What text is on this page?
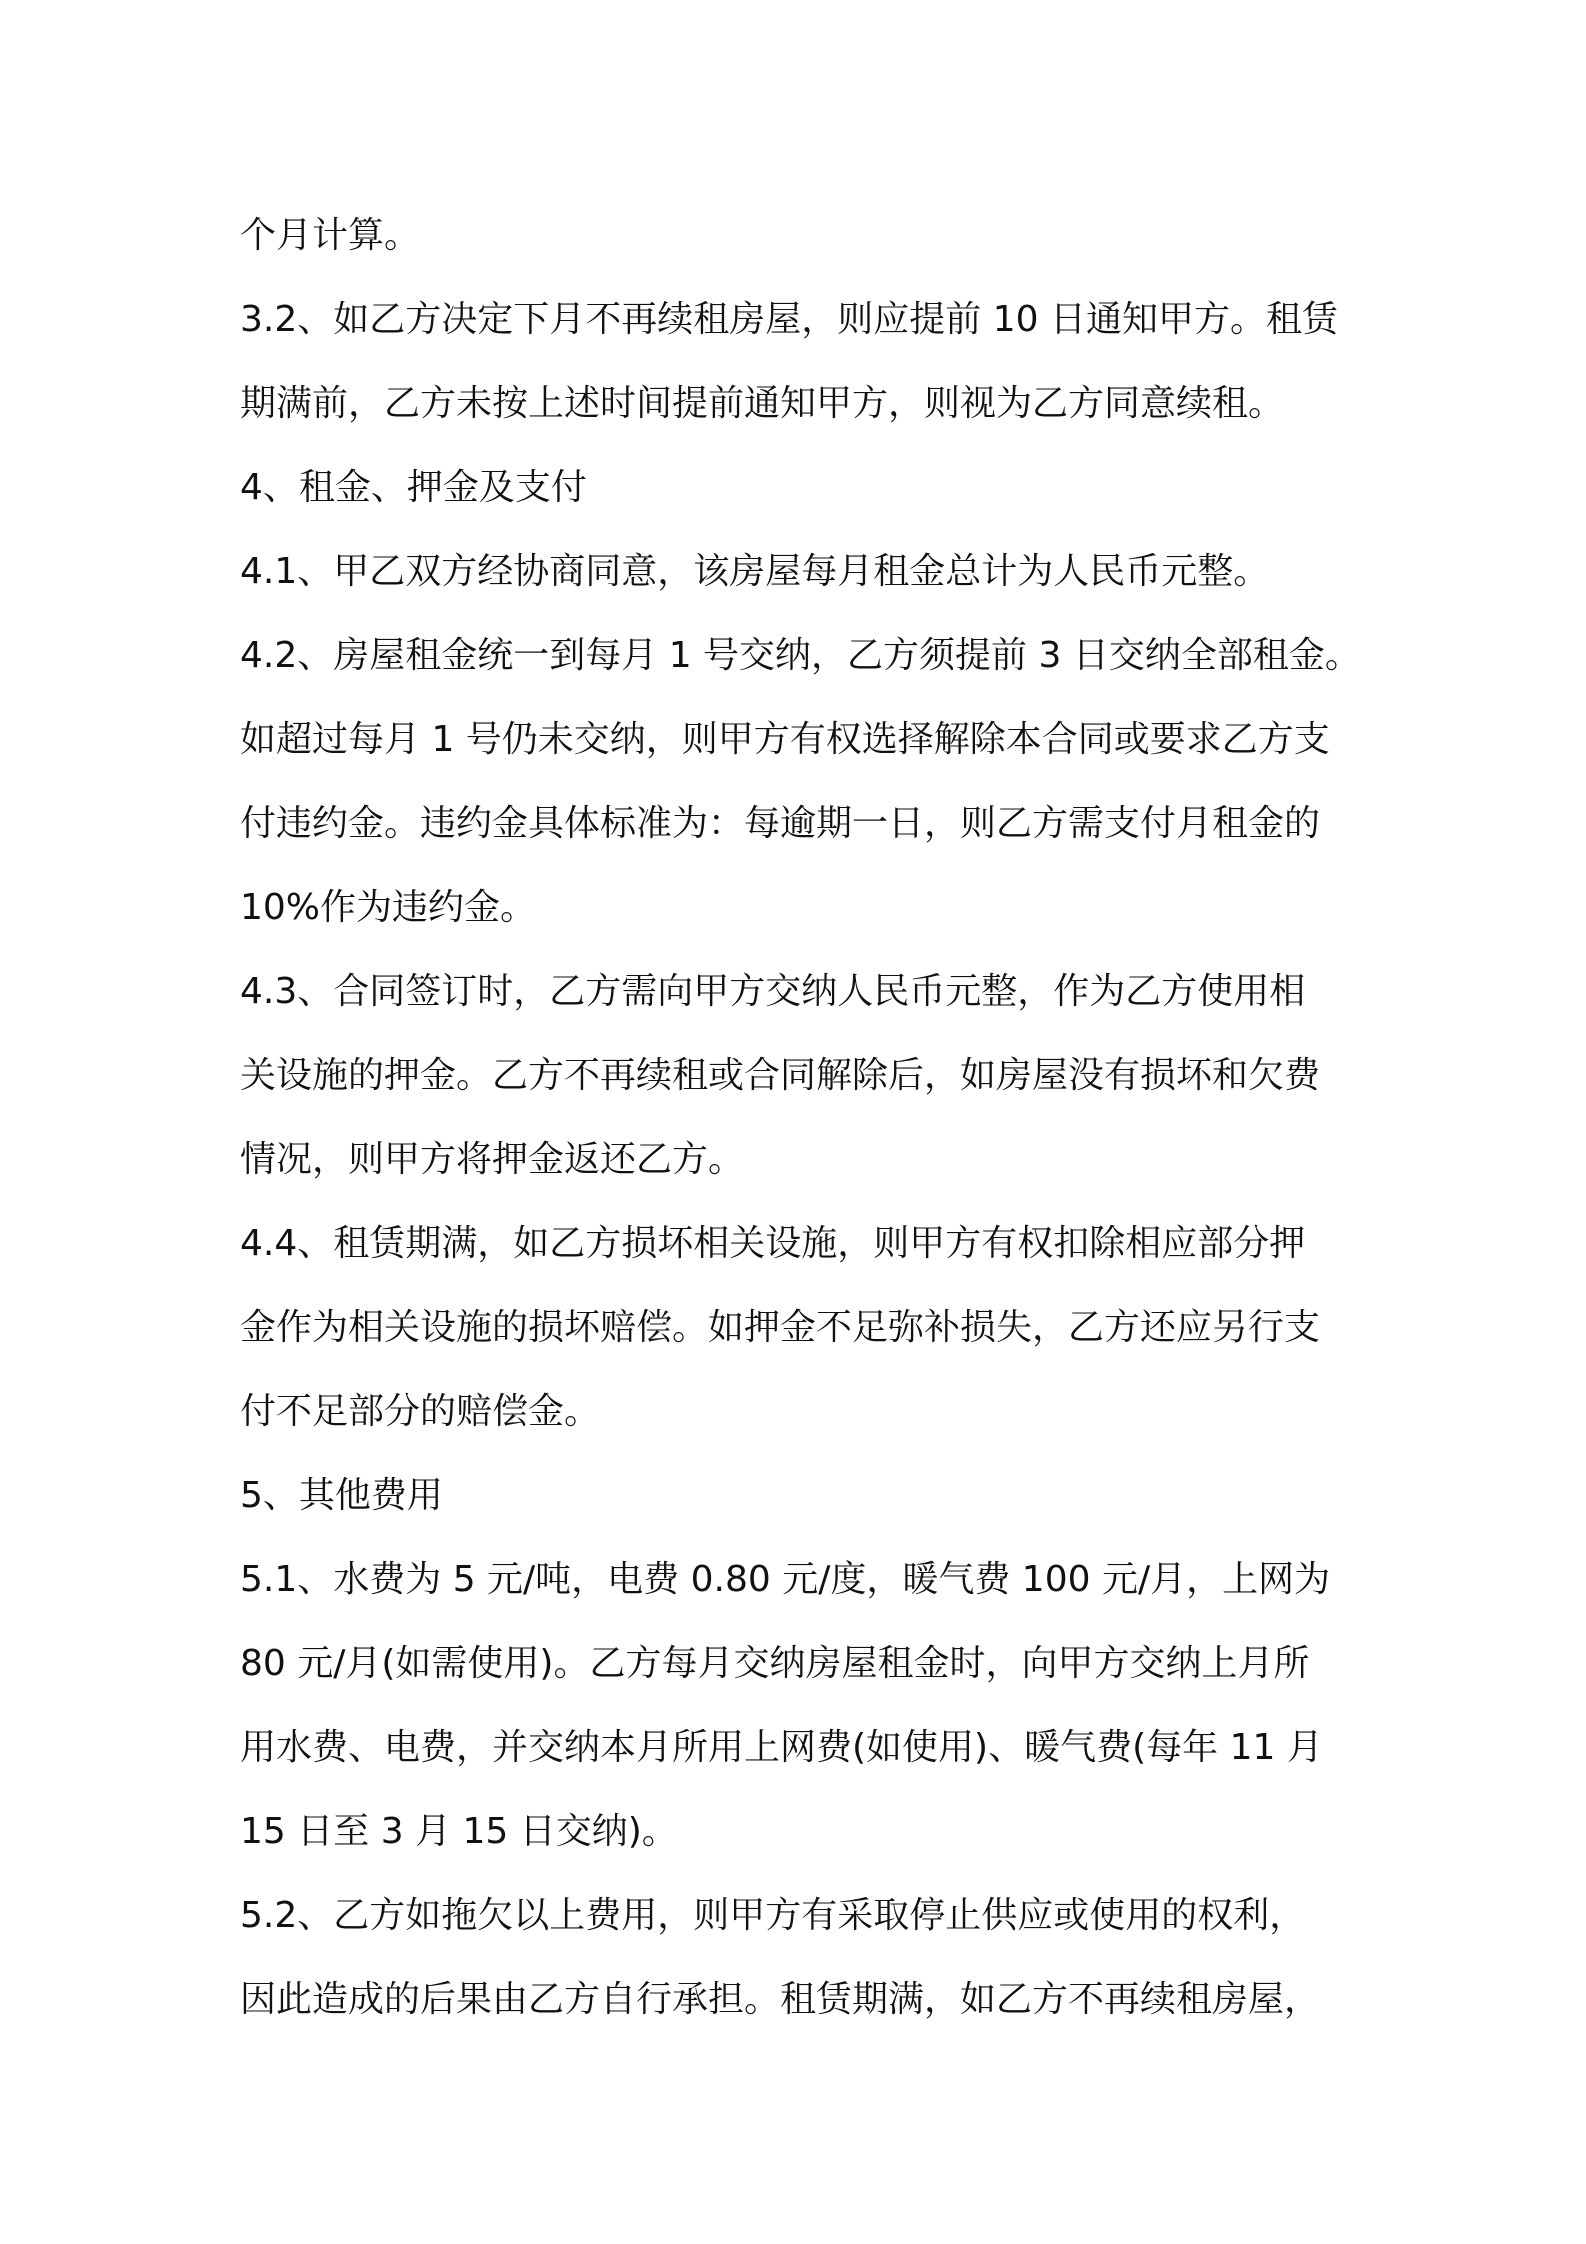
个月计算。
3.2、如乙方决定下月不再续租房屋，则应提前 10 日通知甲方。租赁
期满前，乙方未按上述时间提前通知甲方，则视为乙方同意续租。
4、租金、押金及支付
4.1、甲乙双方经协商同意，该房屋每月租金总计为人民币元整。
4.2、房屋租金统一到每月 1 号交纳，乙方须提前 3 日交纳全部租金。
如超过每月 1 号仍未交纳，则甲方有权选择解除本合同或要求乙方支
付违约金。违约金具体标准为：每逾期一日，则乙方需支付月租金的
10%作为违约金。
4.3、合同签订时，乙方需向甲方交纳人民币元整，作为乙方使用相
关设施的押金。乙方不再续租或合同解除后，如房屋没有损坏和欠费
情况，则甲方将押金返还乙方。
4.4、租赁期满，如乙方损坏相关设施，则甲方有权扣除相应部分押
金作为相关设施的损坏赔偿。如押金不足弥补损失，乙方还应另行支
付不足部分的赔偿金。
5、其他费用
5.1、水费为 5 元/吨，电费 0.80 元/度，暖气费 100 元/月，上网为
80 元/月(如需使用)。乙方每月交纳房屋租金时，向甲方交纳上月所
用水费、电费，并交纳本月所用上网费(如使用)、暖气费(每年 11 月
15 日至 3 月 15 日交纳)。
5.2、乙方如拖欠以上费用，则甲方有采取停止供应或使用的权利，
因此造成的后果由乙方自行承担。租赁期满，如乙方不再续租房屋，
